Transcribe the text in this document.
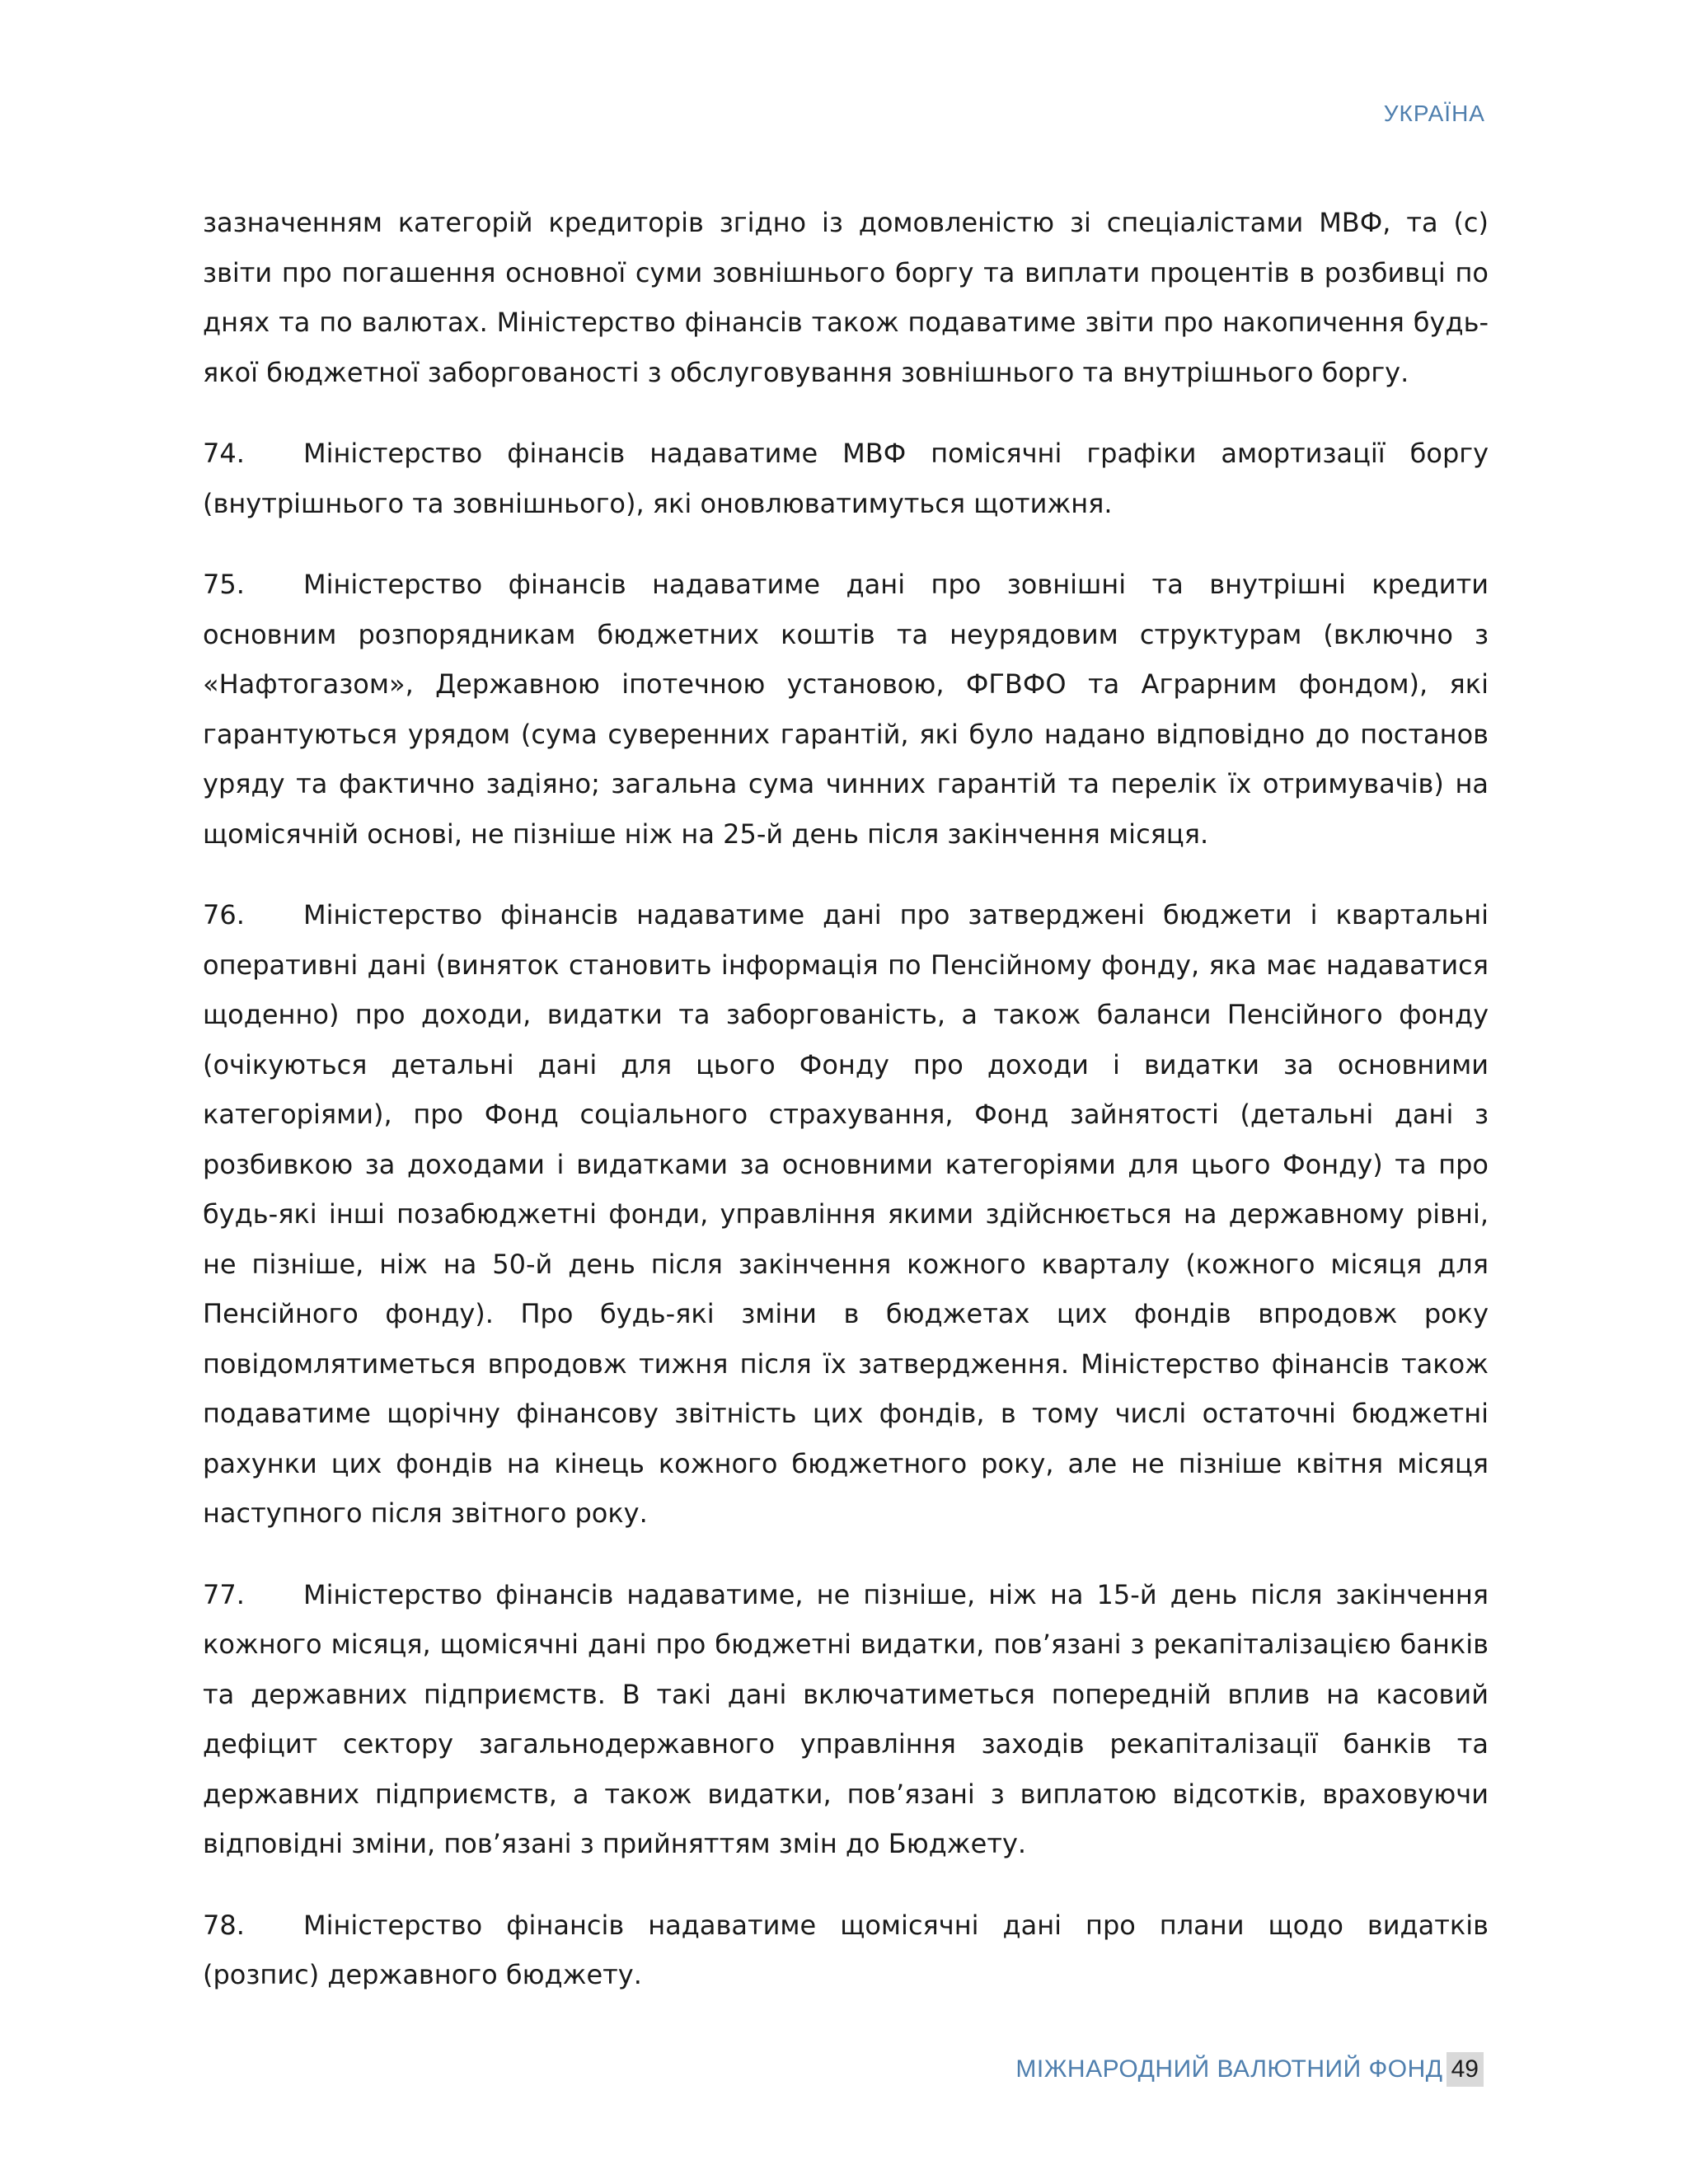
УКРАЇНА

зазначенням категорій кредиторів згідно із домовленістю зі спеціалістами МВФ, та (c) звіти про погашення основної суми зовнішнього боргу та виплати процентів в розбивці по днях та по валютах. Міністерство фінансів також подаватиме звіти про накопичення будь-якої бюджетної заборгованості з обслуговування зовнішнього та внутрішнього боргу.

74. Міністерство фінансів надаватиме МВФ помісячні графіки амортизації боргу (внутрішнього та зовнішнього), які оновлюватимуться щотижня.

75. Міністерство фінансів надаватиме дані про зовнішні та внутрішні кредити основним розпорядникам бюджетних коштів та неурядовим структурам (включно з «Нафтогазом», Державною іпотечною установою, ФГВФО та Аграрним фондом), які гарантуються урядом (сума суверенних гарантій, які було надано відповідно до постанов уряду та фактично задіяно; загальна сума чинних гарантій та перелік їх отримувачів) на щомісячній основі, не пізніше ніж на 25-й день після закінчення місяця.

76. Міністерство фінансів надаватиме дані про затверджені бюджети і квартальні оперативні дані (виняток становить інформація по Пенсійному фонду, яка має надаватися щоденно) про доходи, видатки та заборгованість, а також баланси Пенсійного фонду (очікуються детальні дані для цього Фонду про доходи і видатки за основними категоріями), про Фонд соціального страхування, Фонд зайнятості (детальні дані з розбивкою за доходами і видатками за основними категоріями для цього Фонду) та про будь-які інші позабюджетні фонди, управління якими здійснюється на державному рівні, не пізніше, ніж на 50-й день після закінчення кожного кварталу (кожного місяця для Пенсійного фонду). Про будь-які зміни в бюджетах цих фондів впродовж року повідомлятиметься впродовж тижня після їх затвердження. Міністерство фінансів також подаватиме щорічну фінансову звітність цих фондів, в тому числі остаточні бюджетні рахунки цих фондів на кінець кожного бюджетного року, але не пізніше квітня місяця наступного після звітного року.

77. Міністерство фінансів надаватиме, не пізніше, ніж на 15-й день після закінчення кожного місяця, щомісячні дані про бюджетні видатки, пов’язані з рекапіталізацією банків та державних підприємств. В такі дані включатиметься попередній вплив на касовий дефіцит сектору загальнодержавного управління заходів рекапіталізації банків та державних підприємств, а також видатки, пов’язані з виплатою відсотків, враховуючи відповідні зміни, пов’язані з прийняттям змін до Бюджету.

78. Міністерство фінансів надаватиме щомісячні дані про плани щодо видатків (розпис) державного бюджету.

МІЖНАРОДНИЙ ВАЛЮТНИЙ ФОНД 49
